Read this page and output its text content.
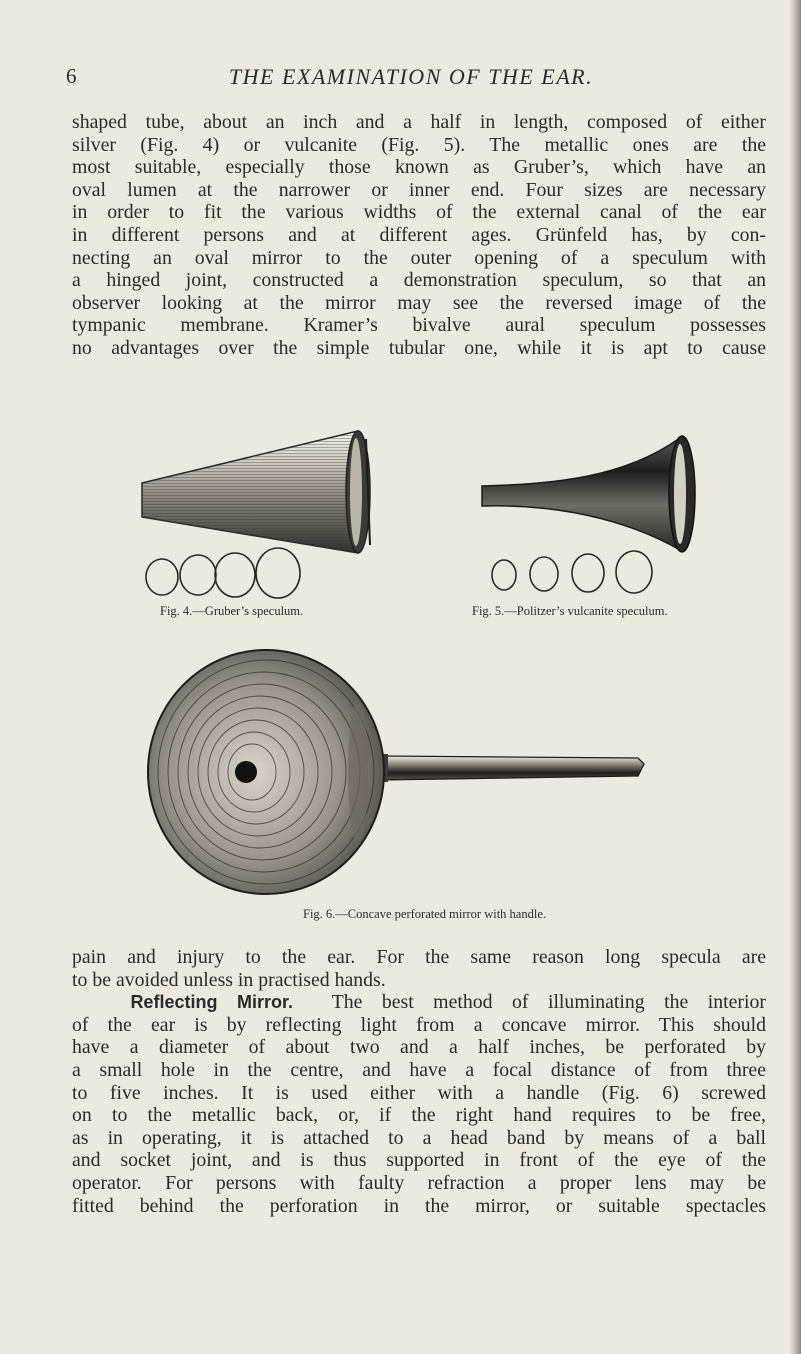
6	THE EXAMINATION OF THE EAR.
shaped tube, about an inch and a half in length, composed of either
silver (Fig. 4) or vulcanite (Fig. 5). The metallic ones are the
most suitable, especially those known as Gruber’s, which have an
oval lumen at the narrower or inner end. Four sizes are necessary
in order to fit the various widths of the external canal of the ear
in different persons and at different ages. Grünfeld has, by con-
necting an oval mirror to the outer opening of a speculum with
a hinged joint, constructed a demonstration speculum, so that an
observer looking at the mirror may see the reversed image of the
tympanic membrane. Kramer’s bivalve aural speculum possesses
no advantages over the simple tubular one, while it is apt to cause
Fig. 4.—Gruber’s speculum.	Fig. 5.—Politzer’s vulcanite speculum.
Fig. 6.—Concave perforated mirror with handle.
pain and injury to the ear. For the same reason long specula are
to be avoided unless in practised hands.
Reflecting Mirror. The best method of illuminating the interior
of the ear is by reflecting light from a concave mirror. This should
have a diameter of about two and a half inches, be perforated by
a small hole in the centre, and have a focal distance of from three
to five inches. It is used either with a handle (Fig. 6) screwed
on to the metallic back, or, if the right hand requires to be free,
as in operating, it is attached to a head band by means of a ball
and socket joint, and is thus supported in front of the eye of the
operator. For persons with faulty refraction a proper lens may be
fitted behind the perforation in the mirror, or suitable spectacles
